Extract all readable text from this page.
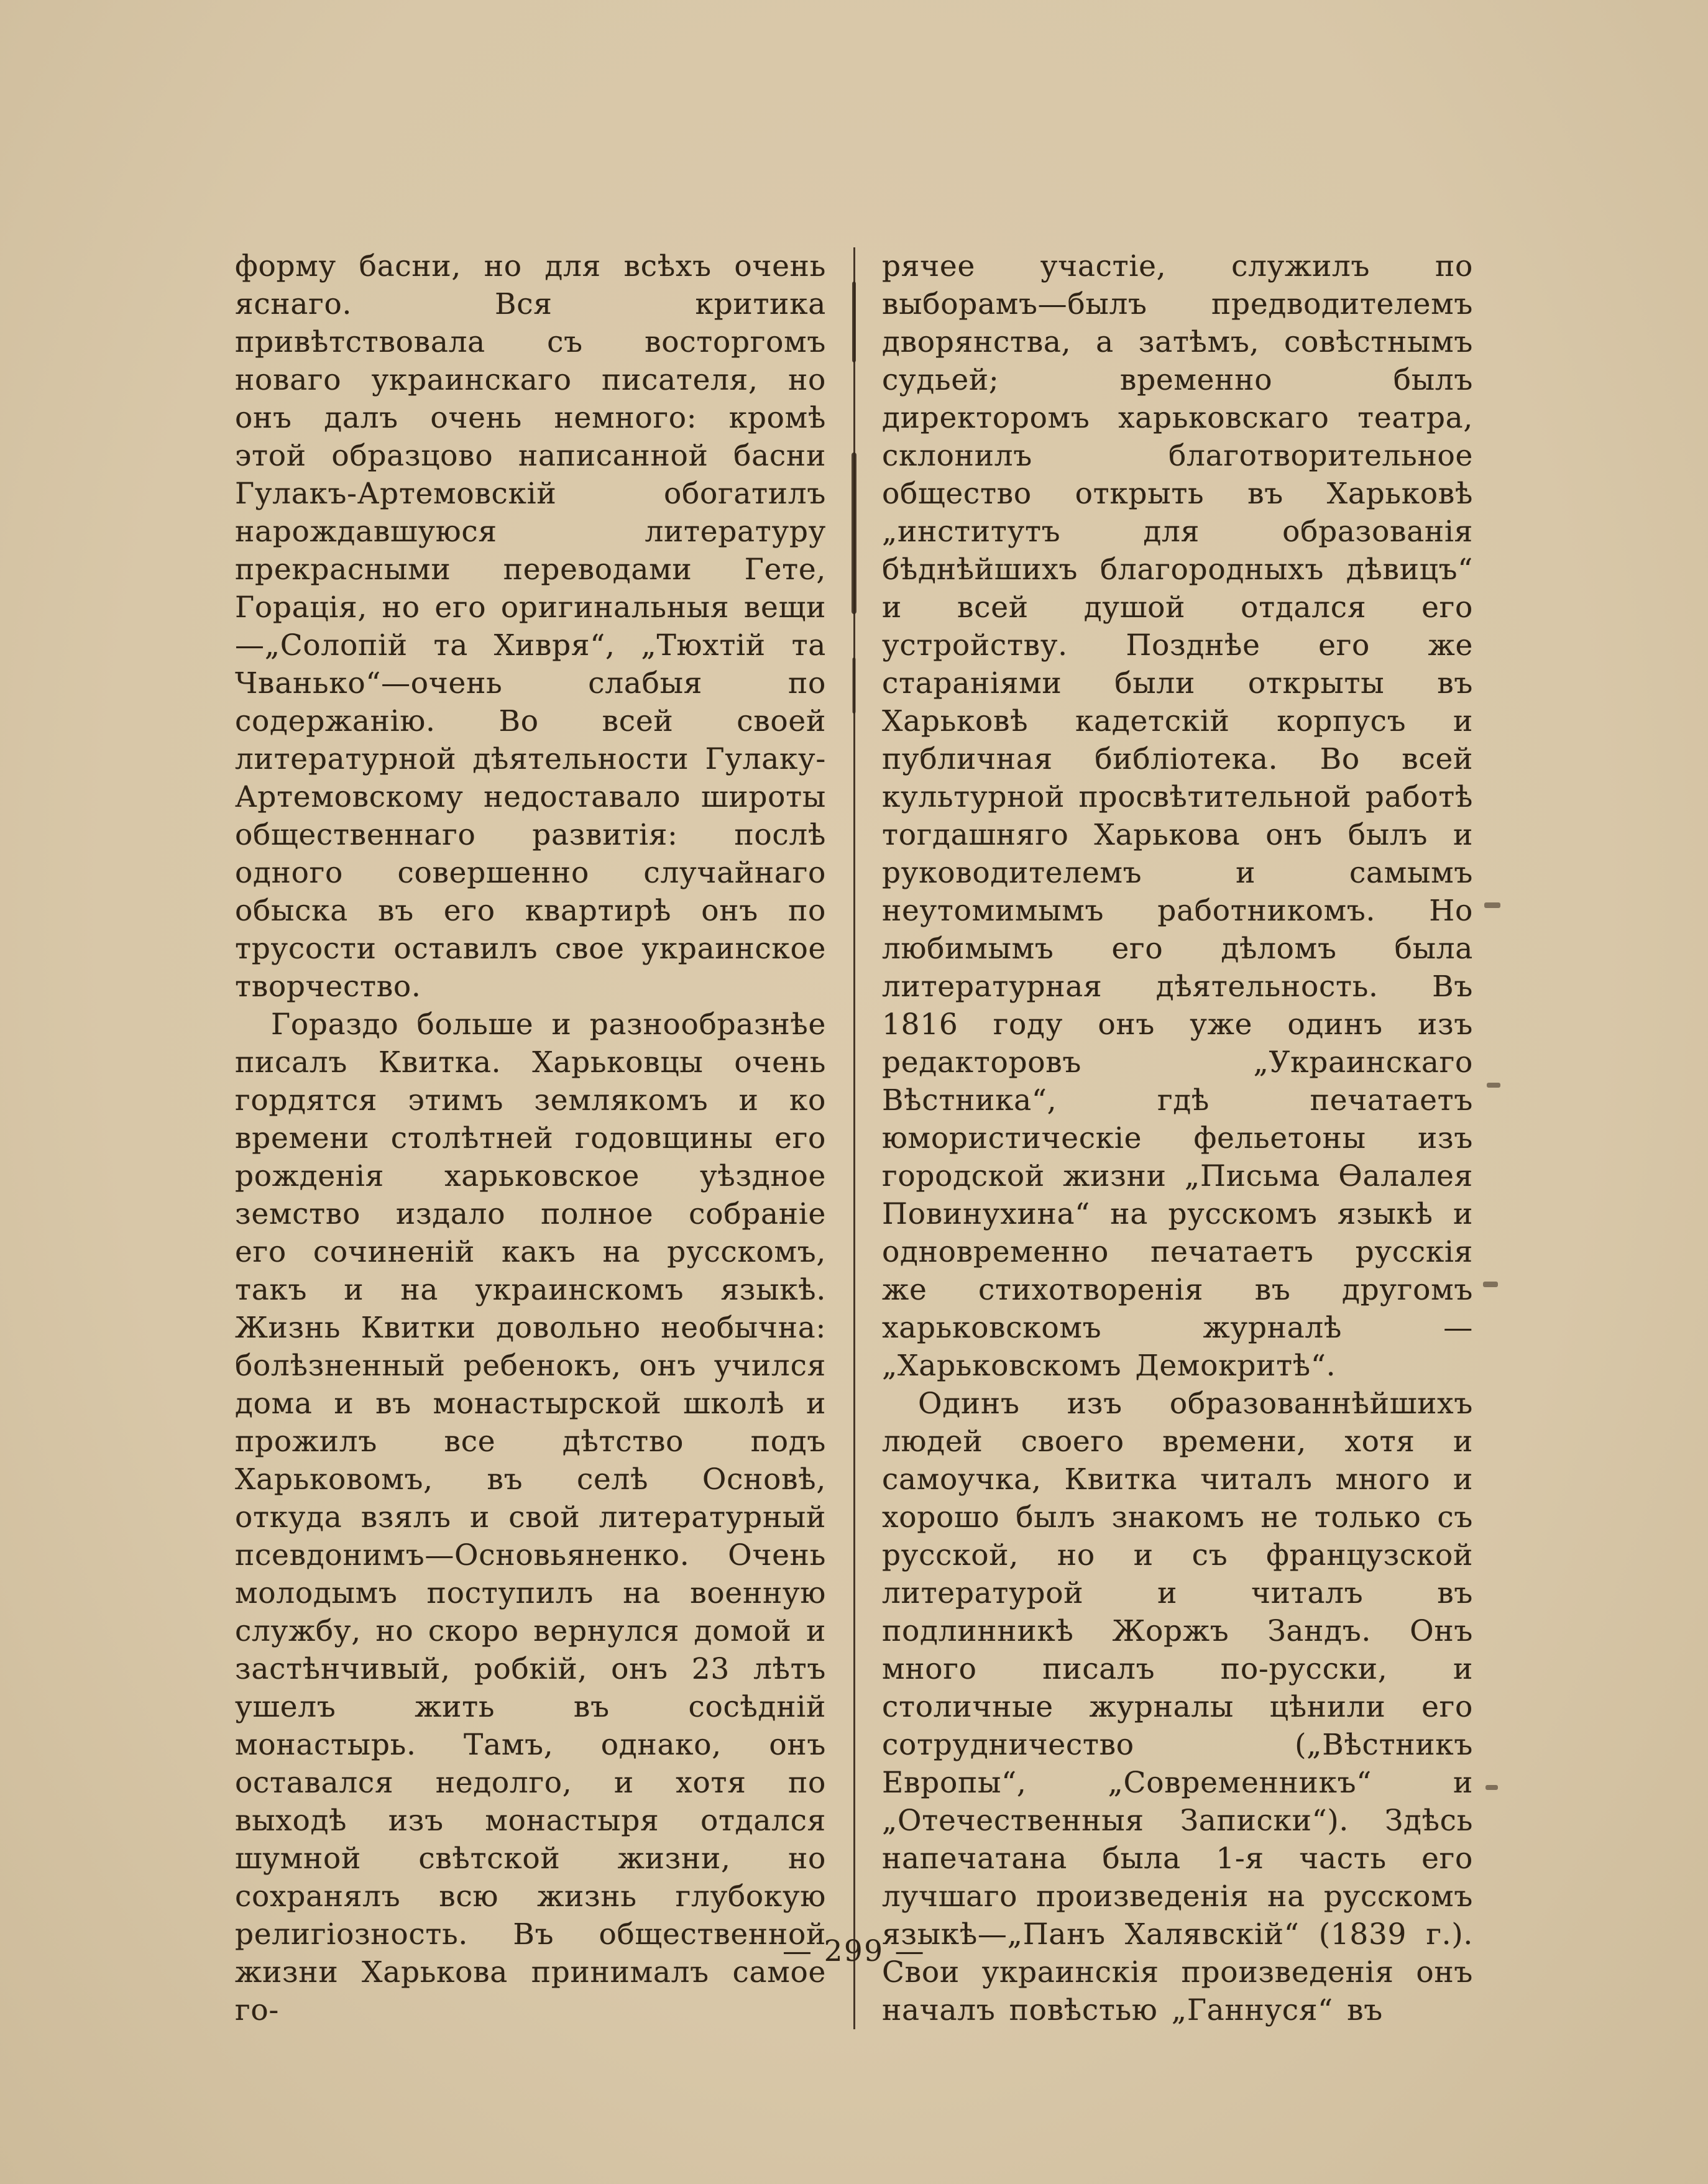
форму басни, но для всѣхъ очень яснаго. Вся критика привѣтствовала съ восторгомъ новаго украинскаго писателя, но онъ далъ очень немного: кромѣ этой образцово написанной басни Гулакъ-Артемовскій обогатилъ нарождавшуюся литературу прекрасными переводами Гете, Горація, но его оригинальныя вещи—„Солопій та Хивря“, „Тюхтій та Чванько“—очень слабыя по содержанію. Во всей своей литературной дѣятельности Гулаку-Артемовскому недоставало широты общественнаго развитія: послѣ одного совершенно случайнаго обыска въ его квартирѣ онъ по трусости оставилъ свое украинское творчество.

Гораздо больше и разнообразнѣе писалъ Квитка. Харьковцы очень гордятся этимъ землякомъ и ко времени столѣтней годовщины его рожденія харьковское уѣздное земство издало полное собраніе его сочиненій какъ на русскомъ, такъ и на украинскомъ языкѣ. Жизнь Квитки довольно необычна: болѣзненный ребенокъ, онъ учился дома и въ монастырской школѣ и прожилъ все дѣтство подъ Харьковомъ, въ селѣ Основѣ, откуда взялъ и свой литературный псевдонимъ—Основьяненко. Очень молодымъ поступилъ на военную службу, но скоро вернулся домой и застѣнчивый, робкій, онъ 23 лѣтъ ушелъ жить въ сосѣдній монастырь. Тамъ, однако, онъ оставался недолго, и хотя по выходѣ изъ монастыря отдался шумной свѣтской жизни, но сохранялъ всю жизнь глубокую религіозность. Въ общественной жизни Харькова принималъ самое го-

рячее участіе, служилъ по выборамъ—былъ предводителемъ дворянства, а затѣмъ, совѣстнымъ судьей; временно былъ директоромъ харьковскаго театра, склонилъ благотворительное общество открыть въ Харьковѣ „институтъ для образованія бѣднѣйшихъ благородныхъ дѣвицъ“ и всей душой отдался его устройству. Позднѣе его же стараніями были открыты въ Харьковѣ кадетскій корпусъ и публичная библіотека. Во всей культурной просвѣтительной работѣ тогдашняго Харькова онъ былъ и руководителемъ и самымъ неутомимымъ работникомъ. Но любимымъ его дѣломъ была литературная дѣятельность. Въ 1816 году онъ уже одинъ изъ редакторовъ „Украинскаго Вѣстника“, гдѣ печатаетъ юмористическіе фельетоны изъ городской жизни „Письма Ѳалалея Повинухина“ на русскомъ языкѣ и одновременно печатаетъ русскія же стихотворенія въ другомъ харьковскомъ журналѣ — „Харьковскомъ Демокритѣ“.

Одинъ изъ образованнѣйшихъ людей своего времени, хотя и самоучка, Квитка читалъ много и хорошо былъ знакомъ не только съ русской, но и съ французской литературой и читалъ въ подлинникѣ Жоржъ Зандъ. Онъ много писалъ по-русски, и столичные журналы цѣнили его сотрудничество („Вѣстникъ Европы“, „Современникъ“ и „Отечественныя Записки“). Здѣсь напечатана была 1-я часть его лучшаго произведенія на русскомъ языкѣ—„Панъ Халявскій“ (1839 г.). Свои украинскія произведенія онъ началъ повѣстью „Ганнуся“ въ

— 299 —
